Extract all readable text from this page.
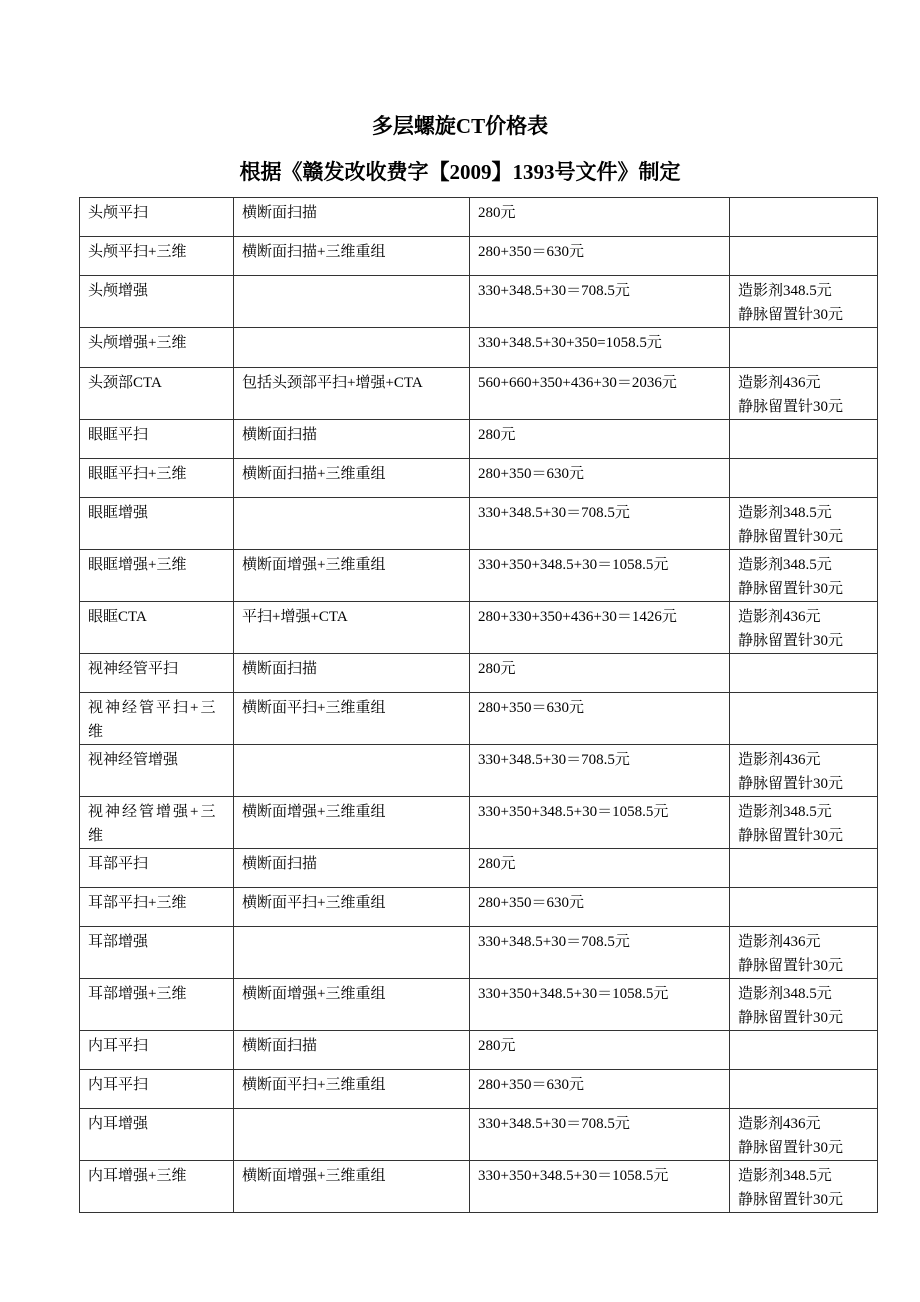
多层螺旋CT价格表
根据《赣发改收费字【2009】1393号文件》制定
头颅平扫	横断面扫描	280元	

头颅平扫+三维	横断面扫描+三维重组	280+350＝630元	

头颅增强		330+348.5+30＝708.5元	造影剂348.5元
静脉留置针30元

头颅增强+三维		330+348.5+30+350=1058.5元	

头颈部CTA	包括头颈部平扫+增强+CTA	560+660+350+436+30＝2036元	造影剂436元
静脉留置针30元

眼眶平扫	横断面扫描	280元	

眼眶平扫+三维	横断面扫描+三维重组	280+350＝630元	

眼眶增强		330+348.5+30＝708.5元	造影剂348.5元
静脉留置针30元

眼眶增强+三维	横断面增强+三维重组	330+350+348.5+30＝1058.5元	造影剂348.5元
静脉留置针30元

眼眶CTA	平扫+增强+CTA	280+330+350+436+30＝1426元	造影剂436元
静脉留置针30元

视神经管平扫	横断面扫描	280元	

视神经管平扫+三维	横断面平扫+三维重组	280+350＝630元	

视神经管增强		330+348.5+30＝708.5元	造影剂436元
静脉留置针30元

视神经管增强+三维	横断面增强+三维重组	330+350+348.5+30＝1058.5元	造影剂348.5元
静脉留置针30元

耳部平扫	横断面扫描	280元	

耳部平扫+三维	横断面平扫+三维重组	280+350＝630元	

耳部增强		330+348.5+30＝708.5元	造影剂436元
静脉留置针30元

耳部增强+三维	横断面增强+三维重组	330+350+348.5+30＝1058.5元	造影剂348.5元
静脉留置针30元

内耳平扫	横断面扫描	280元	

内耳平扫	横断面平扫+三维重组	280+350＝630元	

内耳增强		330+348.5+30＝708.5元	造影剂436元
静脉留置针30元

内耳增强+三维	横断面增强+三维重组	330+350+348.5+30＝1058.5元	造影剂348.5元
静脉留置针30元
